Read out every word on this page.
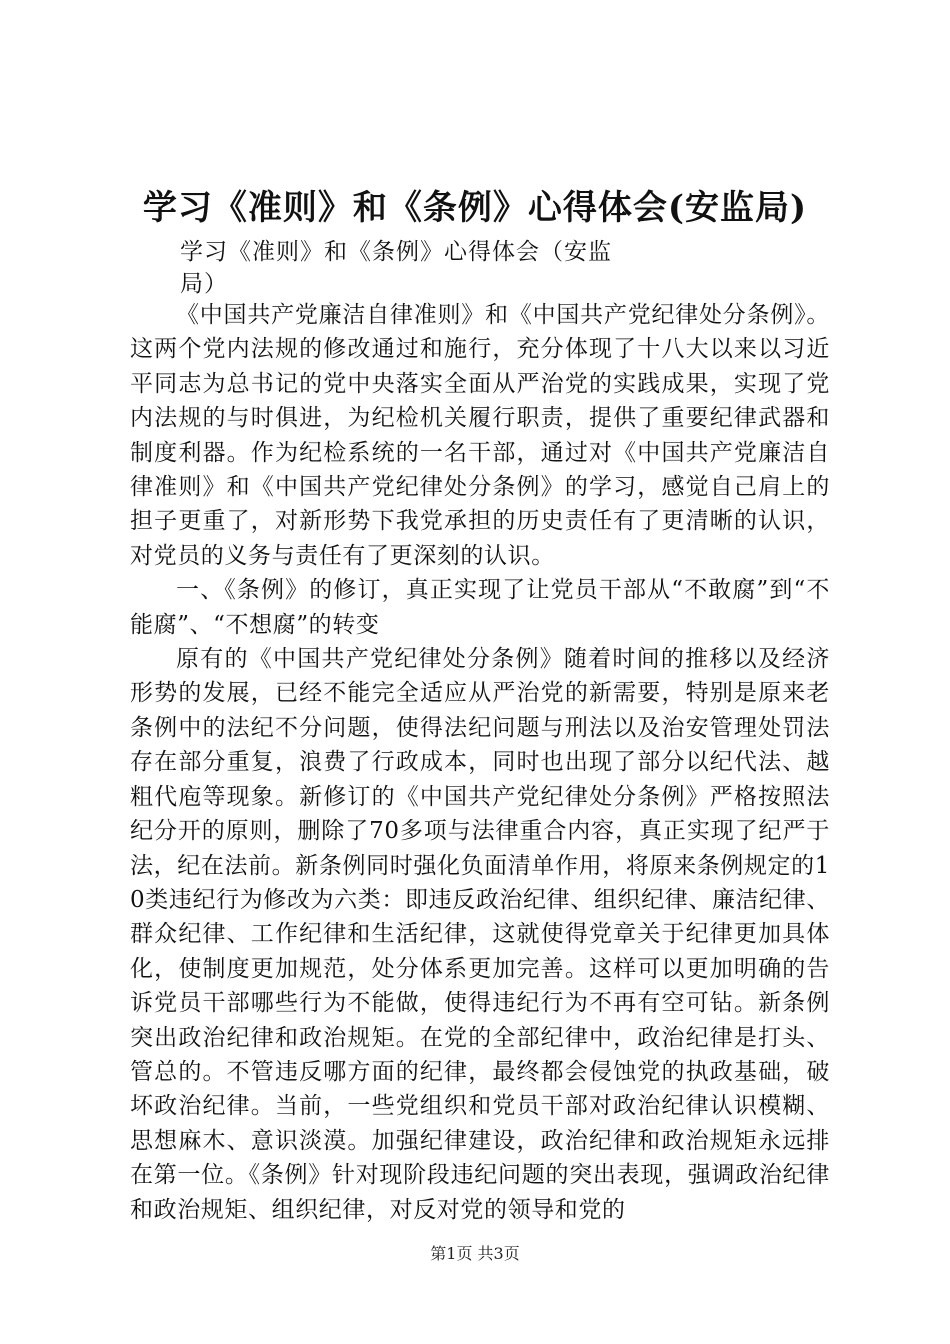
学习《准则》和《条例》心得体会(安监局)

学习《准则》和《条例》心得体会（安监局）

《中国共产党廉洁自律准则》和《中国共产党纪律处分条例》。这两个党内法规的修改通过和施行，充分体现了十八大以来以习近平同志为总书记的党中央落实全面从严治党的实践成果，实现了党内法规的与时俱进，为纪检机关履行职责，提供了重要纪律武器和制度利器。作为纪检系统的一名干部，通过对《中国共产党廉洁自律准则》和《中国共产党纪律处分条例》的学习，感觉自己肩上的担子更重了，对新形势下我党承担的历史责任有了更清晰的认识，对党员的义务与责任有了更深刻的认识。

一、《条例》的修订，真正实现了让党员干部从“不敢腐”到“不能腐”、“不想腐”的转变

原有的《中国共产党纪律处分条例》随着时间的推移以及经济形势的发展，已经不能完全适应从严治党的新需要，特别是原来老条例中的法纪不分问题，使得法纪问题与刑法以及治安管理处罚法存在部分重复，浪费了行政成本，同时也出现了部分以纪代法、越粗代庖等现象。新修订的《中国共产党纪律处分条例》严格按照法纪分开的原则，删除了70多项与法律重合内容，真正实现了纪严于法，纪在法前。新条例同时强化负面清单作用，将原来条例规定的10类违纪行为修改为六类：即违反政治纪律、组织纪律、廉洁纪律、群众纪律、工作纪律和生活纪律，这就使得党章关于纪律更加具体化，使制度更加规范，处分体系更加完善。这样可以更加明确的告诉党员干部哪些行为不能做，使得违纪行为不再有空可钻。新条例突出政治纪律和政治规矩。在党的全部纪律中，政治纪律是打头、管总的。不管违反哪方面的纪律，最终都会侵蚀党的执政基础，破坏政治纪律。当前，一些党组织和党员干部对政治纪律认识模糊、思想麻木、意识淡漠。加强纪律建设，政治纪律和政治规矩永远排在第一位。《条例》针对现阶段违纪问题的突出表现，强调政治纪律和政治规矩、组织纪律，对反对党的领导和党的

第1页 共3页
